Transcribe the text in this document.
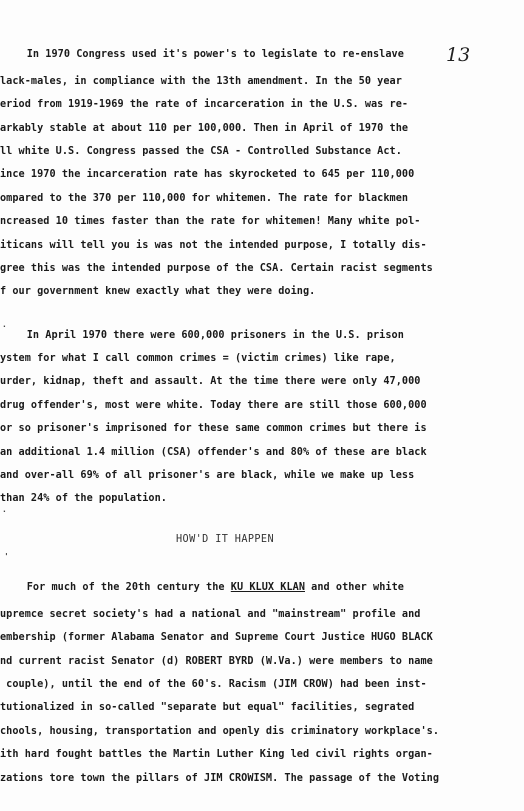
13
In 1970 Congress used it's power's to legislate to re-enslave
lack-males, in compliance with the 13th amendment. In the 50 year
eriod from 1919-1969 the rate of incarceration in the U.S. was re-
arkably stable at about 110 per 100,000. Then in April of 1970 the
ll white U.S. Congress passed the CSA - Controlled Substance Act.
ince 1970 the incarceration rate has skyrocketed to 645 per 110,000
ompared to the 370 per 110,000 for whitemen. The rate for blackmen
ncreased 10 times faster than the rate for whitemen! Many white pol-
iticans will tell you is was not the intended purpose, I totally dis-
gree this was the intended purpose of the CSA. Certain racist segments
f our government knew exactly what they were doing.
.
In April 1970 there were 600,000 prisoners in the U.S. prison
ystem for what I call common crimes = (victim crimes) like rape,
urder, kidnap, theft and assault. At the time there were only 47,000
drug offender's, most were white. Today there are still those 600,000
or so prisoner's imprisoned for these same common crimes but there is
an additional 1.4 million (CSA) offender's and 80% of these are black
and over-all 69% of all prisoner's are black, while we make up less
than 24% of the population.
.
HOW'D IT HAPPEN
'
For much of the 20th century the KU KLUX KLAN and other white
upremce secret society's had a national and "mainstream" profile and
embership (former Alabama Senator and Supreme Court Justice HUGO BLACK
nd current racist Senator (d) ROBERT BYRD (W.Va.) were members to name
couple), until the end of the 60's. Racism (JIM CROW) had been inst-
tutionalized in so-called "separate but equal" facilities, segrated
chools, housing, transportation and openly dis criminatory workplace's.
ith hard fought battles the Martin Luther King led civil rights organ-
zations tore town the pillars of JIM CROWISM. The passage of the Voting
